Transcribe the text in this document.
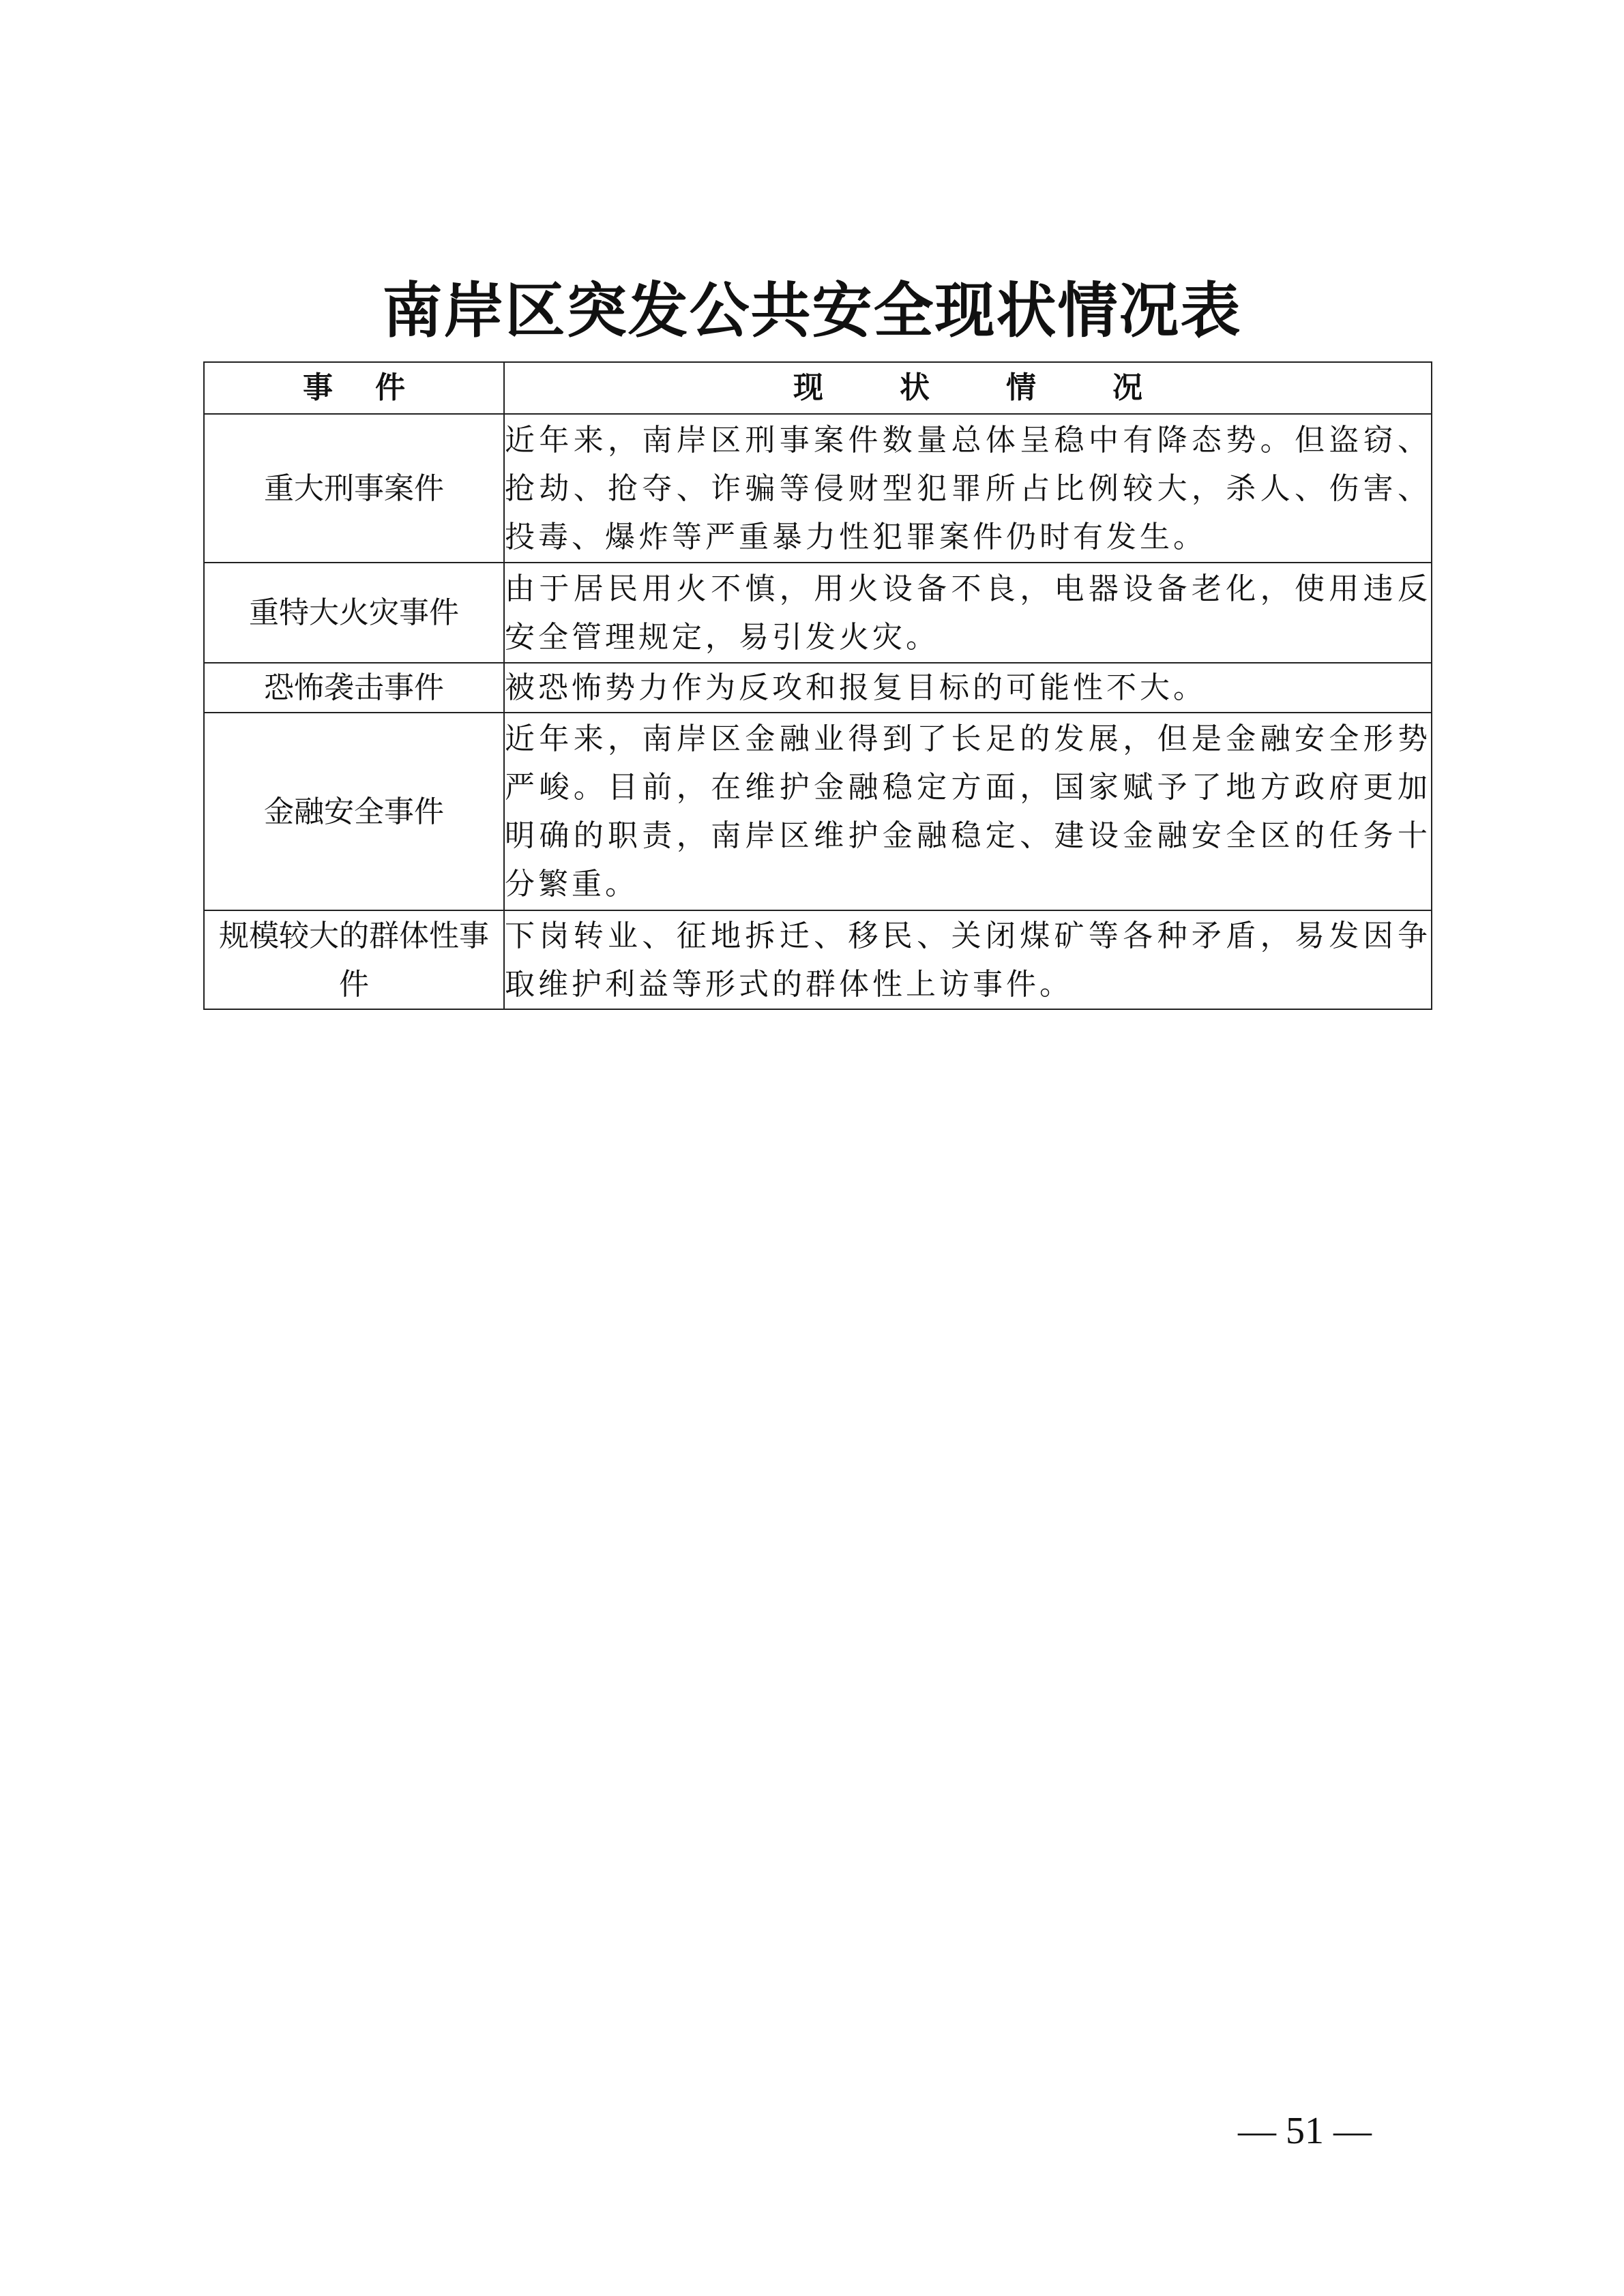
南岸区突发公共安全现状情况表
事件	现状情况
重大刑事案件	近年来，南岸区刑事案件数量总体呈稳中有降态势。但盗窃、抢劫、抢夺、诈骗等侵财型犯罪所占比例较大，杀人、伤害、投毒、爆炸等严重暴力性犯罪案件仍时有发生。
重特大火灾事件	由于居民用火不慎，用火设备不良，电器设备老化，使用违反安全管理规定，易引发火灾。
恐怖袭击事件	被恐怖势力作为反攻和报复目标的可能性不大。
金融安全事件	近年来，南岸区金融业得到了长足的发展，但是金融安全形势严峻。目前，在维护金融稳定方面，国家赋予了地方政府更加明确的职责，南岸区维护金融稳定、建设金融安全区的任务十分繁重。
规模较大的群体性事件	下岗转业、征地拆迁、移民、关闭煤矿等各种矛盾，易发因争取维护利益等形式的群体性上访事件。
— 51 —
